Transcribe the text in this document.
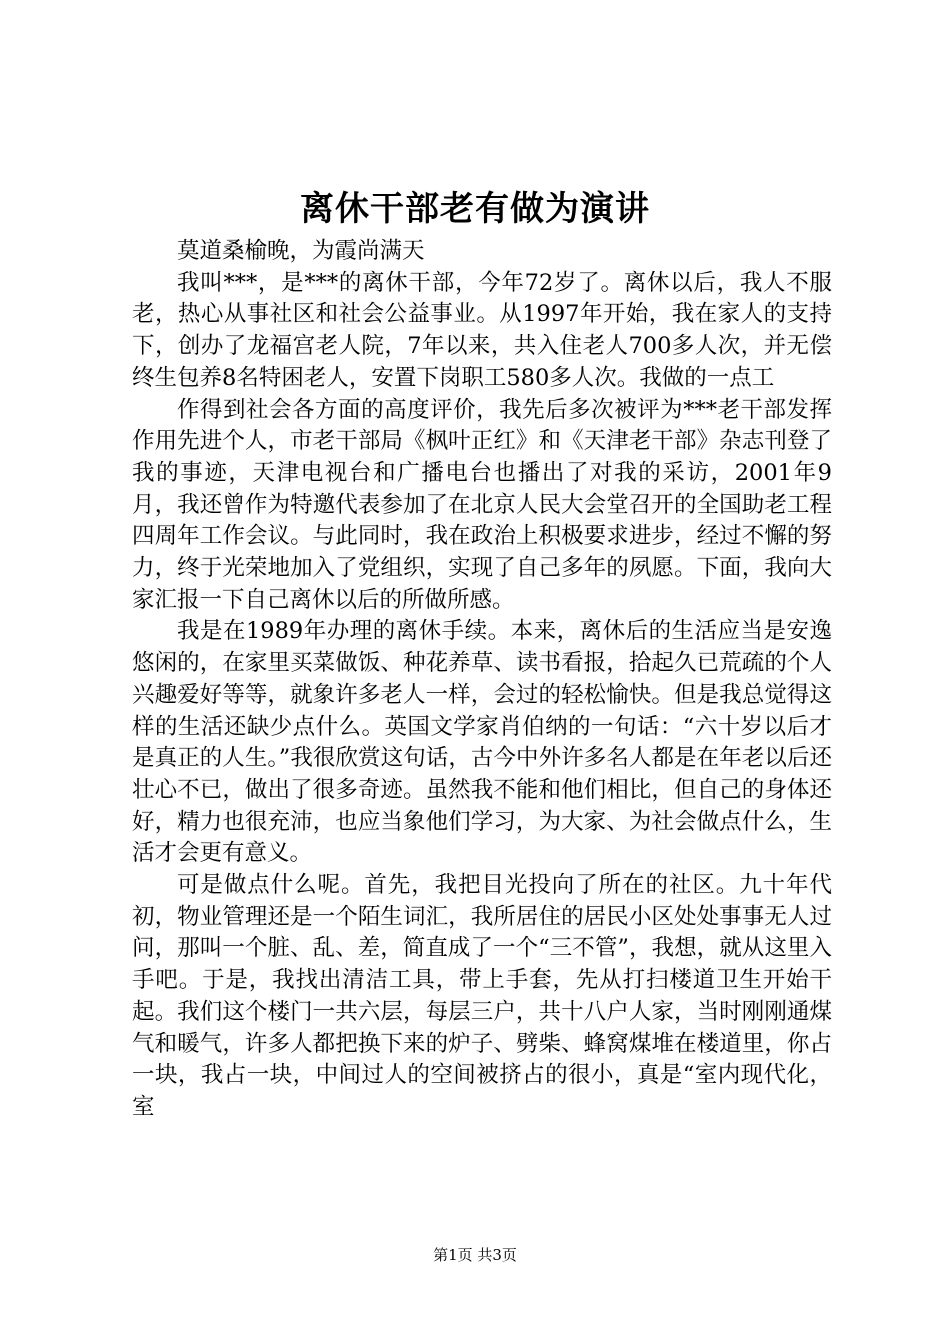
离休干部老有做为演讲

莫道桑榆晚，为霞尚满天

我叫***，是***的离休干部，今年72岁了。离休以后，我人不服老，热心从事社区和社会公益事业。从1997年开始，我在家人的支持下，创办了龙福宫老人院，7年以来，共入住老人700多人次，并无偿终生包养8名特困老人，安置下岗职工580多人次。我做的一点工

作得到社会各方面的高度评价，我先后多次被评为***老干部发挥作用先进个人，市老干部局《枫叶正红》和《天津老干部》杂志刊登了我的事迹，天津电视台和广播电台也播出了对我的采访，2001年9月，我还曾作为特邀代表参加了在北京人民大会堂召开的全国助老工程四周年工作会议。与此同时，我在政治上积极要求进步，经过不懈的努力，终于光荣地加入了党组织，实现了自己多年的夙愿。下面，我向大家汇报一下自己离休以后的所做所感。

我是在1989年办理的离休手续。本来，离休后的生活应当是安逸悠闲的，在家里买菜做饭、种花养草、读书看报，拾起久已荒疏的个人兴趣爱好等等，就象许多老人一样，会过的轻松愉快。但是我总觉得这样的生活还缺少点什么。英国文学家肖伯纳的一句话：“六十岁以后才是真正的人生。”我很欣赏这句话，古今中外许多名人都是在年老以后还壮心不已，做出了很多奇迹。虽然我不能和他们相比，但自己的身体还好，精力也很充沛，也应当象他们学习，为大家、为社会做点什么，生活才会更有意义。

可是做点什么呢。首先，我把目光投向了所在的社区。九十年代初，物业管理还是一个陌生词汇，我所居住的居民小区处处事事无人过问，那叫一个脏、乱、差，简直成了一个“三不管”，我想，就从这里入手吧。于是，我找出清洁工具，带上手套，先从打扫楼道卫生开始干起。我们这个楼门一共六层，每层三户，共十八户人家，当时刚刚通煤气和暖气，许多人都把换下来的炉子、劈柴、蜂窝煤堆在楼道里，你占一块，我占一块，中间过人的空间被挤占的很小，真是“室内现代化，室

第1页 共3页
